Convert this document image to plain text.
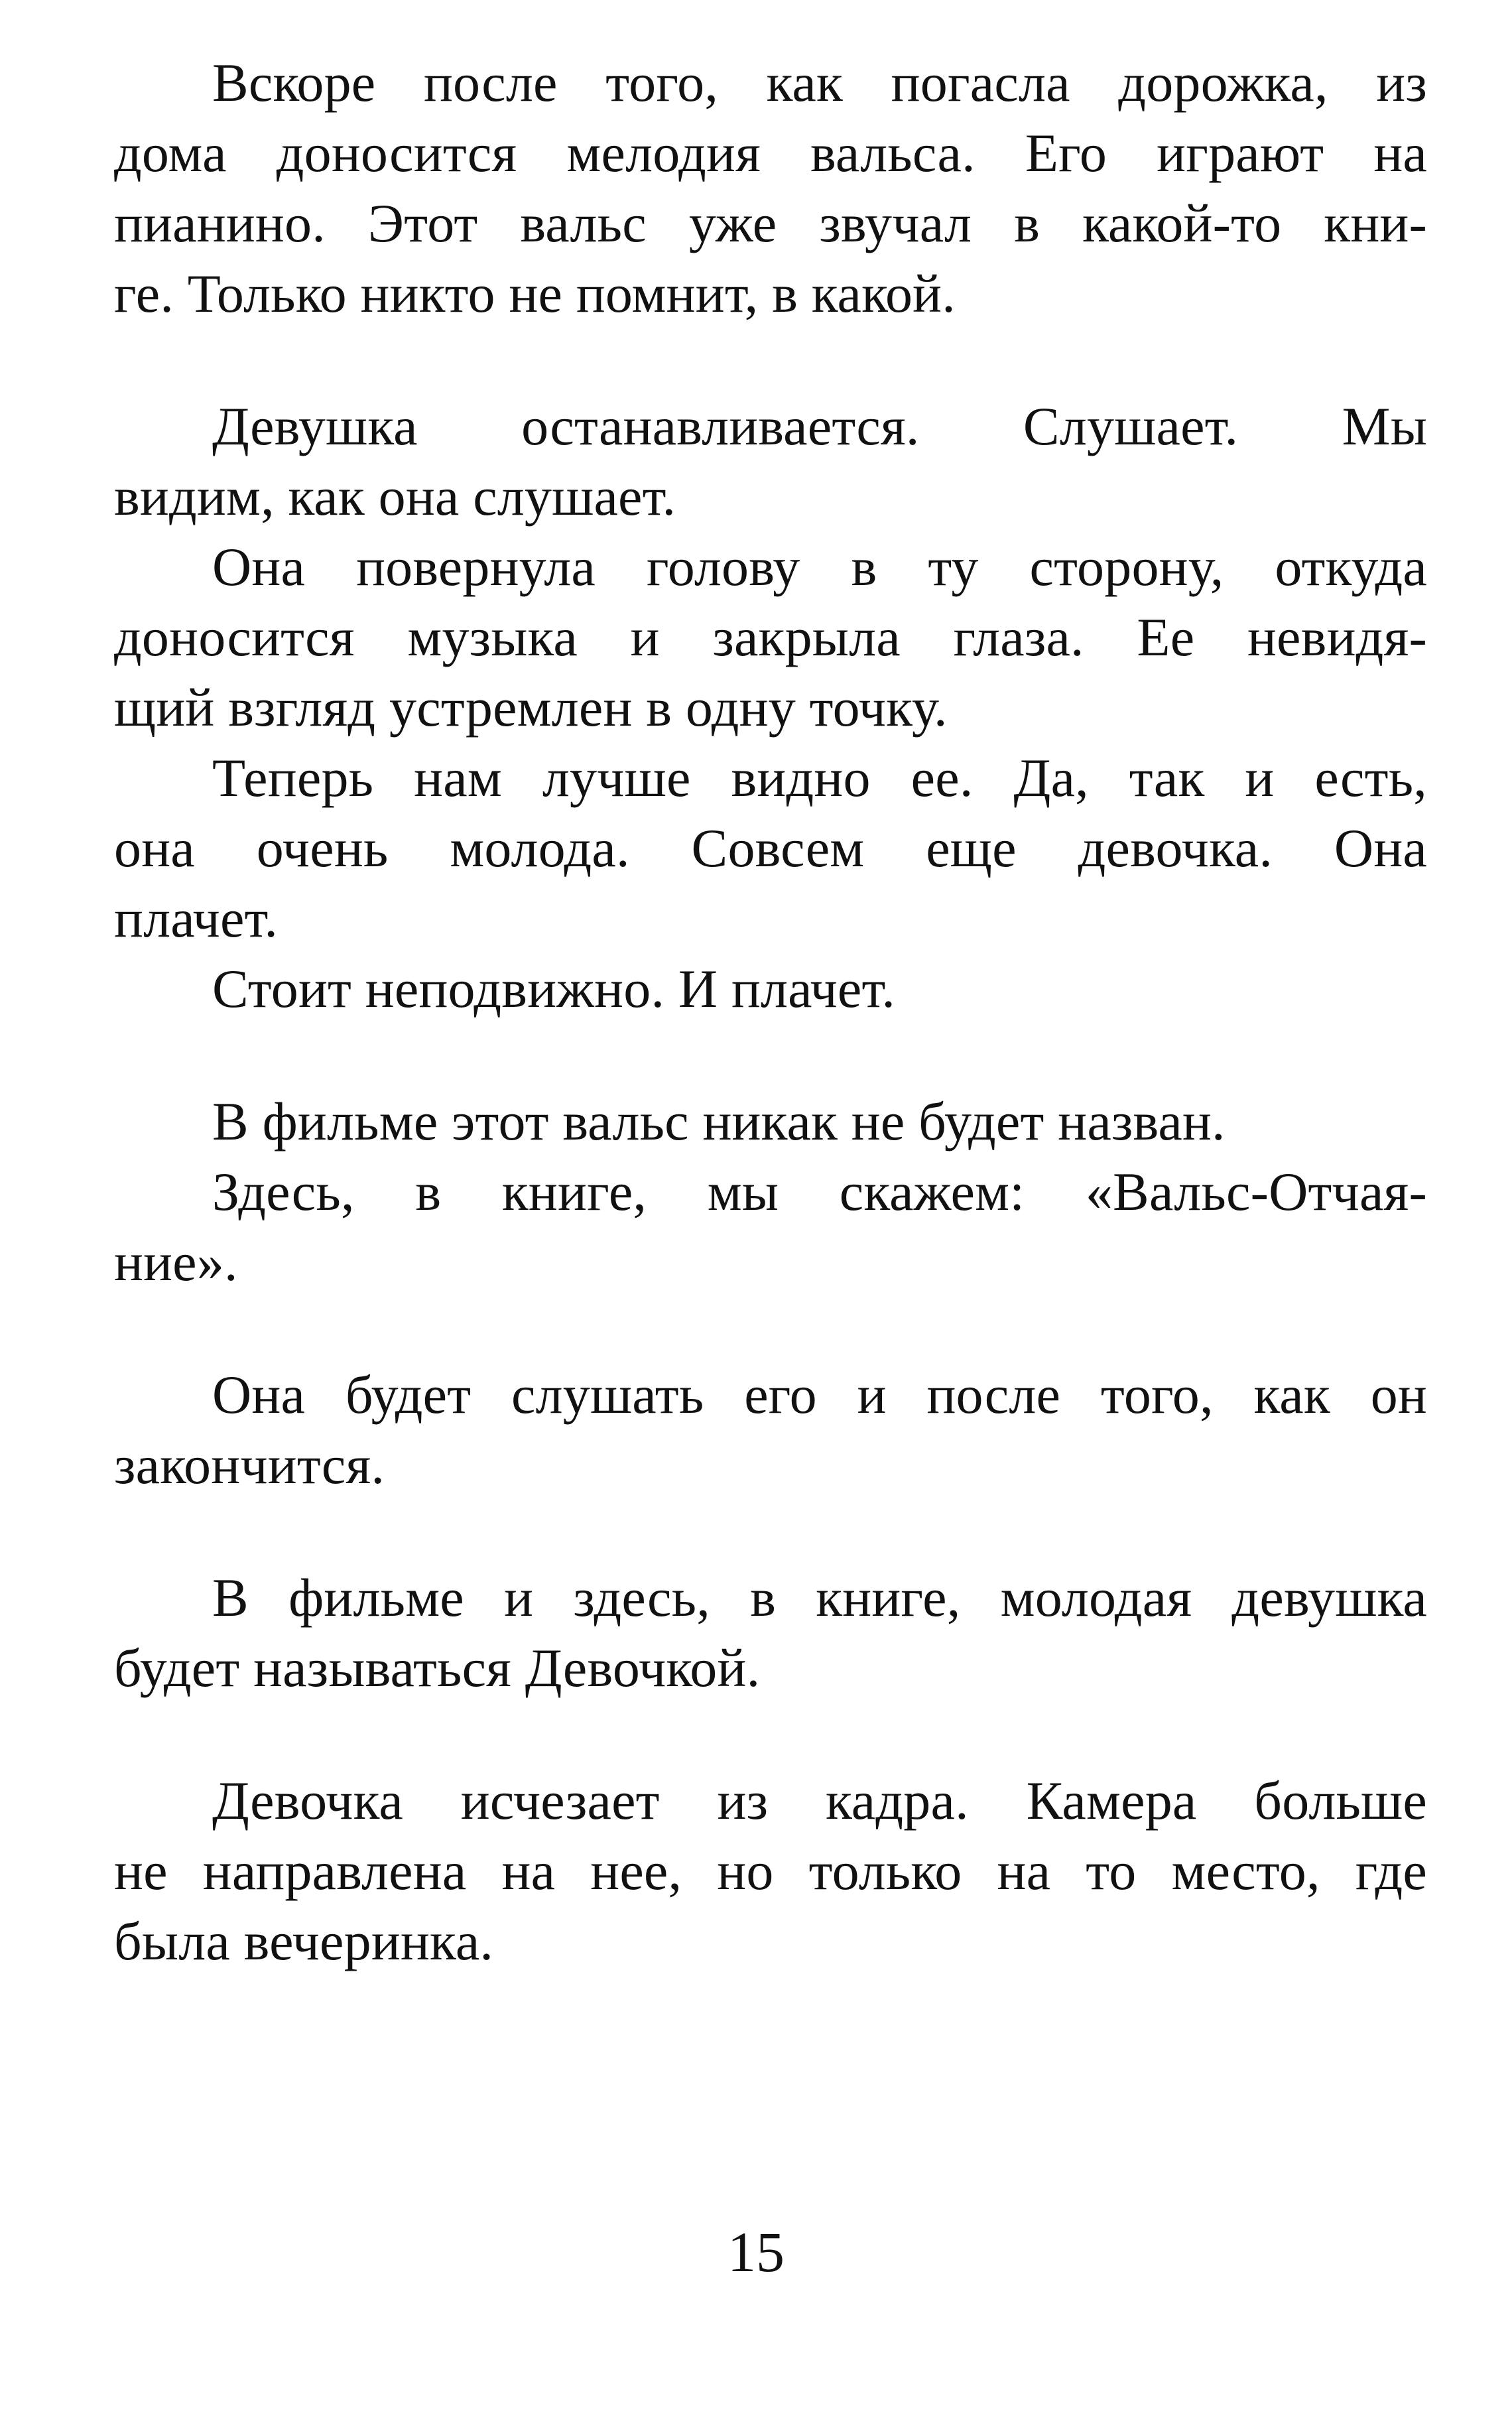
Вскоре после того, как погасла дорожка, из
дома доносится мелодия вальса. Его играют на
пианино. Этот вальс уже звучал в какой-то кни-
ге. Только никто не помнит, в какой.
Девушка останавливается. Слушает. Мы
видим, как она слушает.
Она повернула голову в ту сторону, откуда
доносится музыка и закрыла глаза. Ее невидя-
щий взгляд устремлен в одну точку.
Теперь нам лучше видно ее. Да, так и есть,
она очень молода. Совсем еще девочка. Она
плачет.
Стоит неподвижно. И плачет.
В фильме этот вальс никак не будет назван.
Здесь, в книге, мы скажем: «Вальс-Отчая-
ние».
Она будет слушать его и после того, как он
закончится.
В фильме и здесь, в книге, молодая девушка
будет называться Девочкой.
Девочка исчезает из кадра. Камера больше
не направлена на нее, но только на то место, где
была вечеринка.
15
